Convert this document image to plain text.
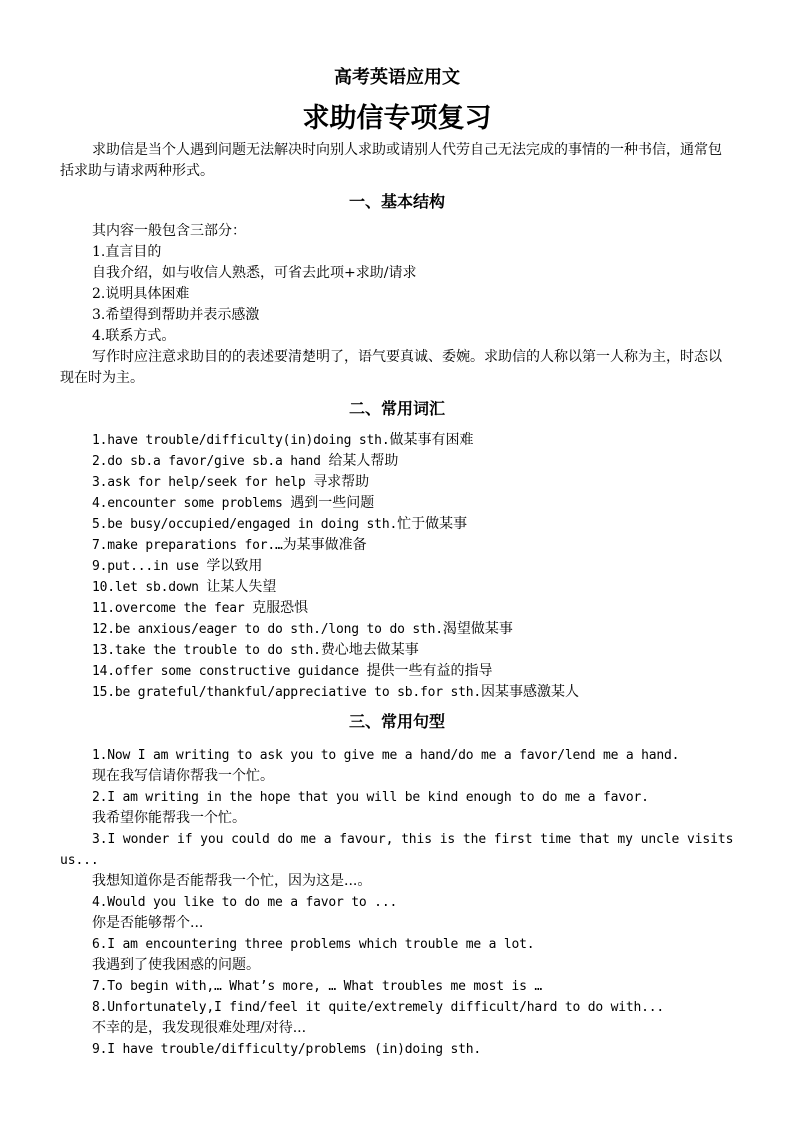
高考英语应用文
求助信专项复习

求助信是当个人遇到问题无法解决时向别人求助或请别人代劳自己无法完成的事情的一种书信，通常包括求助与请求两种形式。

一、基本结构
其内容一般包含三部分：
1.直言目的
自我介绍，如与收信人熟悉，可省去此项+求助/请求
2.说明具体困难
3.希望得到帮助并表示感激
4.联系方式。

写作时应注意求助目的的表述要清楚明了，语气要真诚、委婉。求助信的人称以第一人称为主，时态以现在时为主。

二、常用词汇
1.have trouble/difficulty(in)doing sth.做某事有困难
2.do sb.a favor/give sb.a hand 给某人帮助
3.ask for help/seek for help 寻求帮助
4.encounter some problems 遇到一些问题
5.be busy/occupied/engaged in doing sth.忙于做某事
7.make preparations for.…为某事做准备
9.put...in use 学以致用
10.let sb.down 让某人失望
11.overcome the fear 克服恐惧
12.be anxious/eager to do sth./long to do sth.渴望做某事
13.take the trouble to do sth.费心地去做某事
14.offer some constructive guidance 提供一些有益的指导
15.be grateful/thankful/appreciative to sb.for sth.因某事感激某人
三、常用句型
1.Now I am writing to ask you to give me a hand/do me a favor/lend me a hand.
现在我写信请你帮我一个忙。
2.I am writing in the hope that you will be kind enough to do me a favor.
我希望你能帮我一个忙。

3.I wonder if you could do me a favour, this is the first time that my uncle visits us...

我想知道你是否能帮我一个忙，因为这是...。
4.Would you like to do me a favor to ...
你是否能够帮个...
6.I am encountering three problems which trouble me a lot.
我遇到了使我困惑的问题。
7.To begin with,… What’s more, … What troubles me most is …
8.Unfortunately,I find/feel it quite/extremely difficult/hard to do with...
不幸的是，我发现很难处理/对待...
9.I have trouble/difficulty/problems (in)doing sth.
